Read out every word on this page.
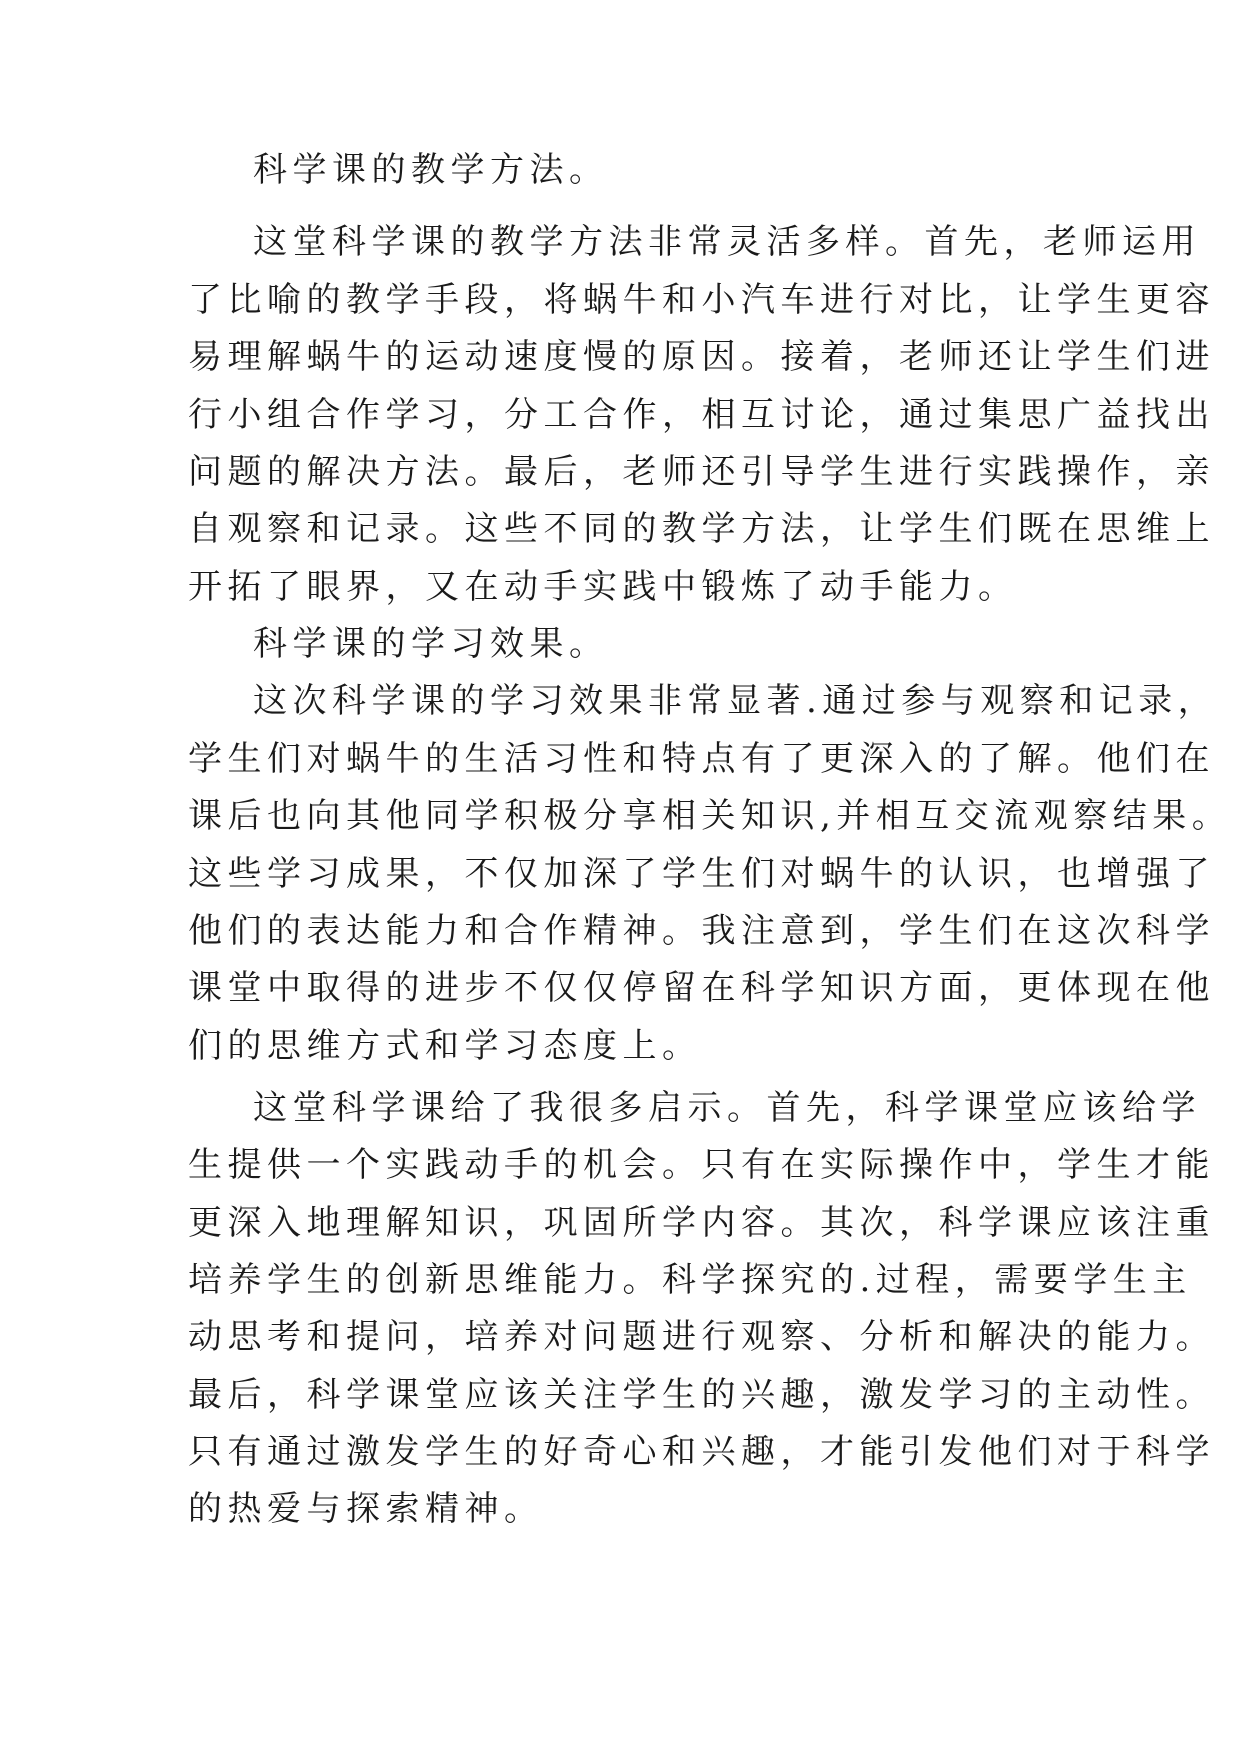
科学课的教学方法。

这堂科学课的教学方法非常灵活多样。首先，老师运用

了比喻的教学手段，将蜗牛和小汽车进行对比，让学生更容

易理解蜗牛的运动速度慢的原因。接着，老师还让学生们进

行小组合作学习，分工合作，相互讨论，通过集思广益找出

问题的解决方法。最后，老师还引导学生进行实践操作，亲

自观察和记录。这些不同的教学方法，让学生们既在思维上

开拓了眼界，又在动手实践中锻炼了动手能力。

科学课的学习效果。

这次科学课的学习效果非常显著.通过参与观察和记录，

学生们对蜗牛的生活习性和特点有了更深入的了解。他们在

课后也向其他同学积极分享相关知识,并相互交流观察结果。

这些学习成果，不仅加深了学生们对蜗牛的认识，也增强了

他们的表达能力和合作精神。我注意到，学生们在这次科学

课堂中取得的进步不仅仅停留在科学知识方面，更体现在他

们的思维方式和学习态度上。

这堂科学课给了我很多启示。首先，科学课堂应该给学

生提供一个实践动手的机会。只有在实际操作中，学生才能

更深入地理解知识，巩固所学内容。其次，科学课应该注重

培养学生的创新思维能力。科学探究的.过程，需要学生主

动思考和提问，培养对问题进行观察、分析和解决的能力。

最后，科学课堂应该关注学生的兴趣，激发学习的主动性。

只有通过激发学生的好奇心和兴趣，才能引发他们对于科学

的热爱与探索精神。
